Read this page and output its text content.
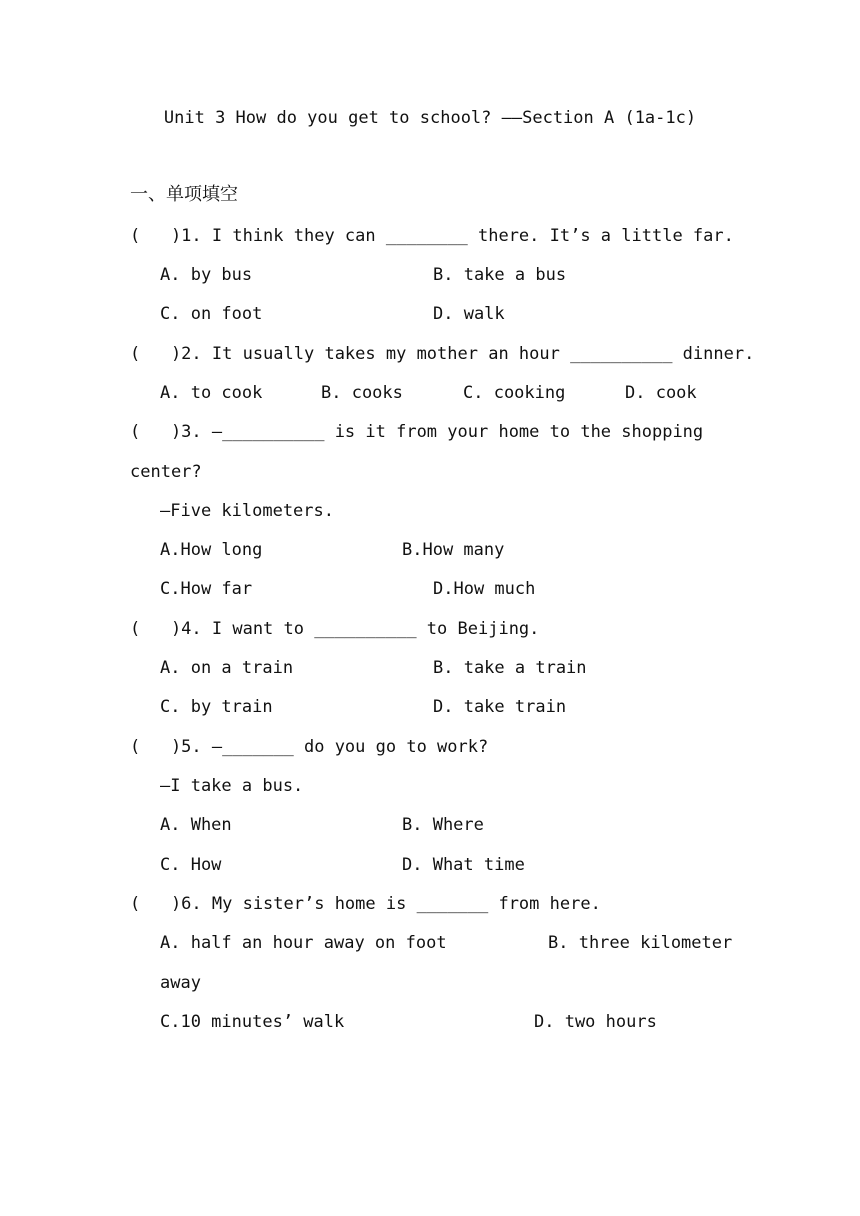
Unit 3 How do you get to school? ——Section A (1a-1c)
一、单项填空
(   )1. I think they can ________ there. It’s a little far.
A. by bus	B. take a bus
C. on foot	D. walk
(   )2. It usually takes my mother an hour __________ dinner.
A. to cook	B. cooks	C. cooking	D. cook
(   )3. —__________ is it from your home to the shopping
center?
—Five kilometers.
A.How long	B.How many
C.How far	D.How much
(   )4. I want to __________ to Beijing.
A. on a train	B. take a train
C. by train	D. take train
(   )5. —_______ do you go to work?
—I take a bus.
A. When	B. Where
C. How	D. What time
(   )6. My sister’s home is _______ from here.
A. half an hour away on foot	B. three kilometer
away
C.10 minutes’ walk	D. two hours
